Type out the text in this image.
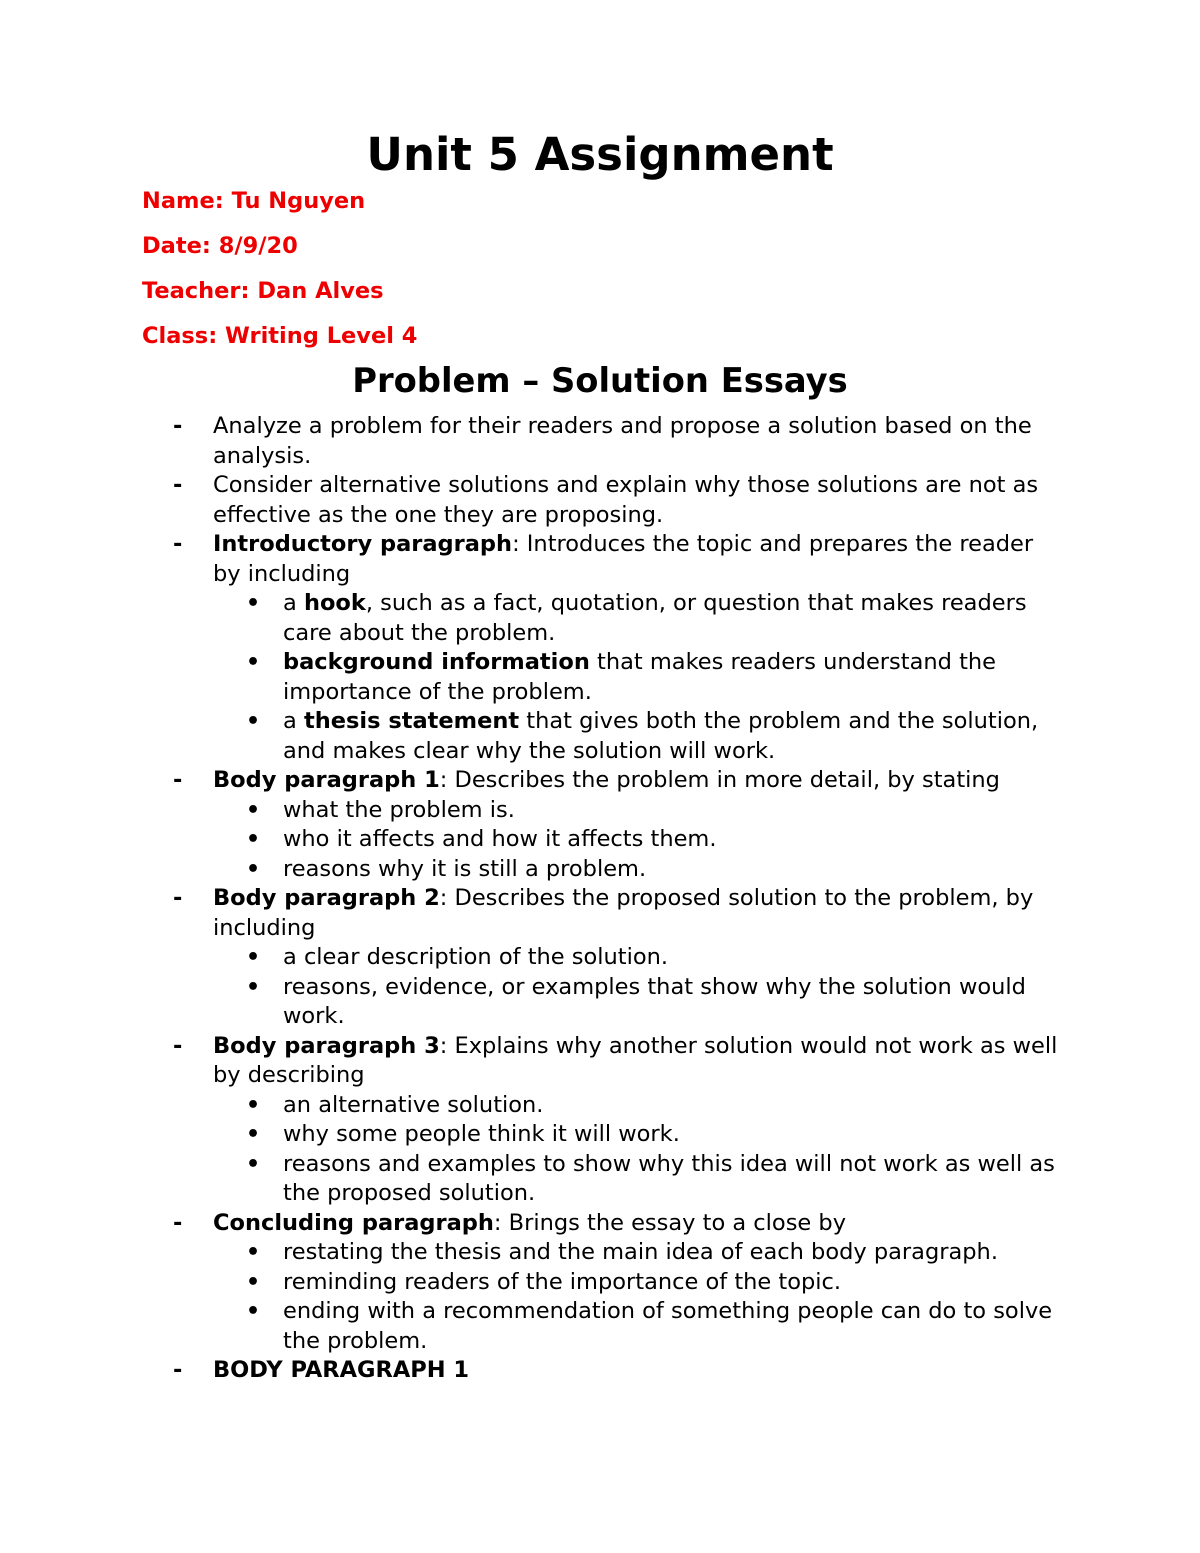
Unit 5 Assignment
Name: Tu Nguyen
Date: 8/9/20
Teacher: Dan Alves
Class: Writing Level 4
Problem – Solution Essays
- Analyze a problem for their readers and propose a solution based on the analysis.
- Consider alternative solutions and explain why those solutions are not as effective as the one they are proposing.
- Introductory paragraph: Introduces the topic and prepares the reader by including
• a hook, such as a fact, quotation, or question that makes readers care about the problem.
• background information that makes readers understand the importance of the problem.
• a thesis statement that gives both the problem and the solution, and makes clear why the solution will work.
- Body paragraph 1: Describes the problem in more detail, by stating
• what the problem is.
• who it affects and how it affects them.
• reasons why it is still a problem.
- Body paragraph 2: Describes the proposed solution to the problem, by including
• a clear description of the solution.
• reasons, evidence, or examples that show why the solution would work.
- Body paragraph 3: Explains why another solution would not work as well by describing
• an alternative solution.
• why some people think it will work.
• reasons and examples to show why this idea will not work as well as the proposed solution.
- Concluding paragraph: Brings the essay to a close by
• restating the thesis and the main idea of each body paragraph.
• reminding readers of the importance of the topic.
• ending with a recommendation of something people can do to solve the problem.
- BODY PARAGRAPH 1
